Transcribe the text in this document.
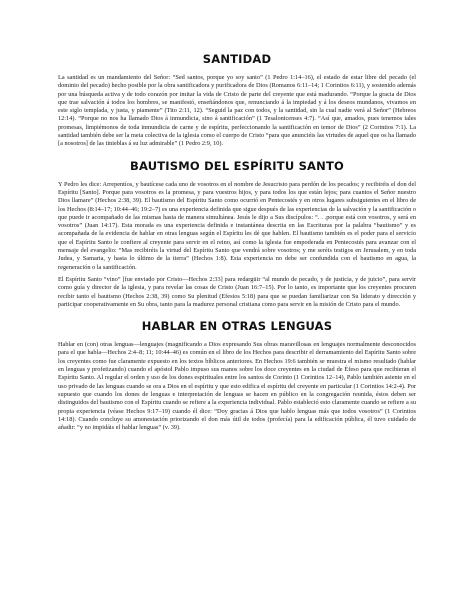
SANTIDAD

La santidad es un mandamiento del Señor: “Sed santos, porque yo soy santo” (1 Pedro 1:14–16), el estado de estar libre del pecado (el dominio del pecado) hecho posible por la obra santificadora y purificadora de Dios (Romanos 6:11–14; 1 Corintios 6:11), y sostenido además por una búsqueda activa y de todo corazón por imitar la vida de Cristo de parte del creyente que está madurando. “Porque la gracia de Dios que trae salvación á todos los hombres, se manifestó, enseñándonos que, renunciando á la impiedad y á los deseos mundanos, vivamos en este siglo templada, y justa, y piamente” (Tito 2:11, 12). “Seguid la paz con todos, y la santidad, sin la cual nadie verá al Señor” (Hebreos 12:14). “Porque no nos ha llamado Dios á inmundicia, sino á santificación” (1 Tesalonicenses 4:7). “Así que, amados, pues tenemos tales promesas, limpiémonos de toda inmundicia de carne y de espíritu, perfeccionando la santificación en temor de Dios” (2 Corintios 7:1). La santidad también debe ser la meta colectiva de la iglesia como el cuerpo de Cristo “para que anunciéis las virtudes de aquel que os ha llamado [a nosotros] de las tinieblas á su luz admirable” (1 Pedro 2:9, 10).

BAUTISMO DEL ESPÍRITU SANTO

Y Pedro les dice: Arrepentíos, y bautícese cada uno de vosotros en el nombre de Jesucristo para perdón de los pecados; y recibiréis el don del Espíritu [Santo]. Porque para vosotros es la promesa, y para vuestros hijos, y para todos los que están lejos; para cuantos el Señor nuestro Dios llamare” (Hechos 2:38, 39). El bautismo del Espíritu Santo como ocurrió en Pentecostés y en otros lugares subsiguientes en el libro de los Hechos (8:14–17; 10:44–46; 19:2–7) es una experiencia definida que sigue después de las experiencias de la salvación y la santificación o que puede ir acompañado de las mismas hasta de manera simultánea. Jesús le dijo a Sus discípulos: “. . .porque está con vosotros, y será en vosotros” (Juan 14:17). Esta morada es una experiencia definida e instantánea descrita en las Escrituras por la palabra “bautismo” y es acompañada de la evidencia de hablar en otras lenguas según el Espíritu les dé que hablen. El bautismo también es el poder para el servicio que el Espíritu Santo le confiere al creyente para servir en el reino, así como la iglesia fue empoderada en Pentecostés para avanzar con el mensaje del evangelio: “Mas recibiréis la virtud del Espíritu Santo que vendrá sobre vosotros; y me seréis testigos en Jerusalem, y en toda Judea, y Samaria, y hasta lo último de la tierra” (Hechos 1:8). Esta experiencia no debe ser confundida con el bautismo en agua, la regeneración o la santificación.

El Espíritu Santo “vino” [fue enviado por Cristo—Hechos 2:33] para redargüir “al mundo de pecado, y de justicia, y de juicio”, para servir como guía y director de la iglesia, y para revelar las cosas de Cristo (Juan 16:7–15). Por lo tanto, es importante que los creyentes procuren recibir tanto el bautismo (Hechos 2:38, 39) como Su plenitud (Efesios 5:18) para que se puedan familiarizar con Su liderato y dirección y participar cooperativamente en Su obra, tanto para la madurez personal cristiana como para servir en la misión de Cristo para el mundo.

HABLAR EN OTRAS LENGUAS

Hablar en (con) otras lenguas—lenguajes (magnificando a Dios expresando Sus obras maravillosas en lenguajes normalmente desconocidos para el que habla—Hechos 2:4–8; 11; 10:44–46) es común en el libro de los Hechos para describir el derramamiento del Espíritu Santo sobre los creyentes como fue claramente expuesto en los textos bíblicos anteriores. En Hechos 19:6 también se muestra el mismo resultado (hablar en lenguas y profetizando) cuando el apóstol Pablo impuso sus manos sobre los doce creyentes en la ciudad de Éfeso para que recibieran el Espíritu Santo. Al regular el orden y uso de los dones espirituales entre los santos de Corinto (1 Corintios 12–14), Pablo también asiente en el uso privado de las lenguas cuando se ora a Dios en el espíritu y que esto edifica el espíritu del creyente en particular (1 Corintios 14:2-4). Por supuesto que cuando los dones de lenguas e interpretación de lenguas se hacen en público en la congregación reunida, éstos deben ser distinguidos del bautismo con el Espíritu cuando se refiere a la experiencia individual. Pablo estableció esto claramente cuando se refiere a su propia experiencia (véase Hechos 9:17–19) cuando él dice: “Doy gracias á Dios que hablo lenguas más que todos vosotros” (1 Corintios 14:18). Cuando concluye su amonestación priorizando el don más útil de todos (profecía) para la edificación pública, él tuvo cuidado de añadir: “y no impidáis el hablar lenguas” (v. 39).
